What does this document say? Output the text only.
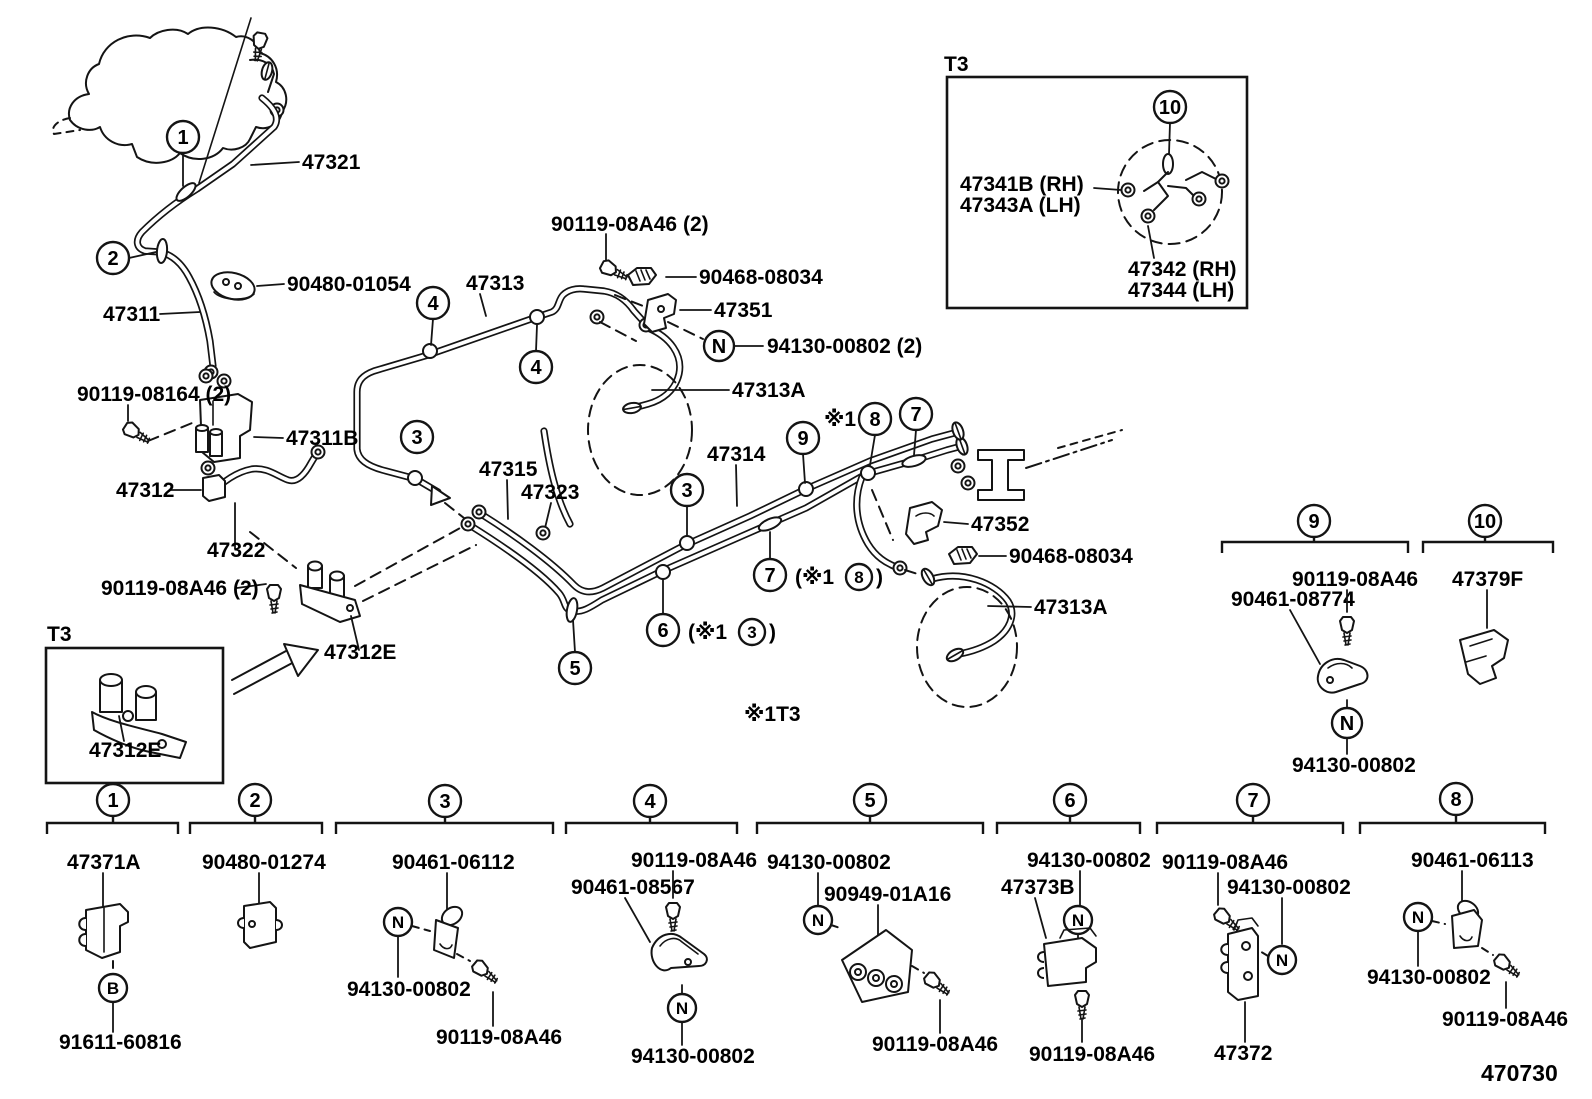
T3
47312E
T3
10
47341B (RH)
47343A (LH)
47342 (RH)
47344 (LH)
47321
47311
90480-01054
90119-08164 (2)
47311B
47312
47322
90119-08A46 (2)
47312E
90119-08A46 (2)
90468-08034
47351
94130-00802 (2)
47313
47313A
47315
47323
47314
※1
47352
90468-08034
47313A
※1T3
(※1 8 )
(※1 3 )
1
2
3
4
4
3
9
8 7
7
6
5
N
9
90119-08A46
90461-08774
N
94130-00802
10
47379F
1
47371A
B
91611-60816
2
90480-01274
3
90461-06112
N
94130-00802
90119-08A46
4
90119-08A46
90461-08567
N
94130-00802
5
94130-00802
90949-01A16
N
90119-08A46
6
94130-00802
47373B
N
90119-08A46
7
90119-08A46
94130-00802
N
47372
8
90461-06113
N
94130-00802
90119-08A46
470730
